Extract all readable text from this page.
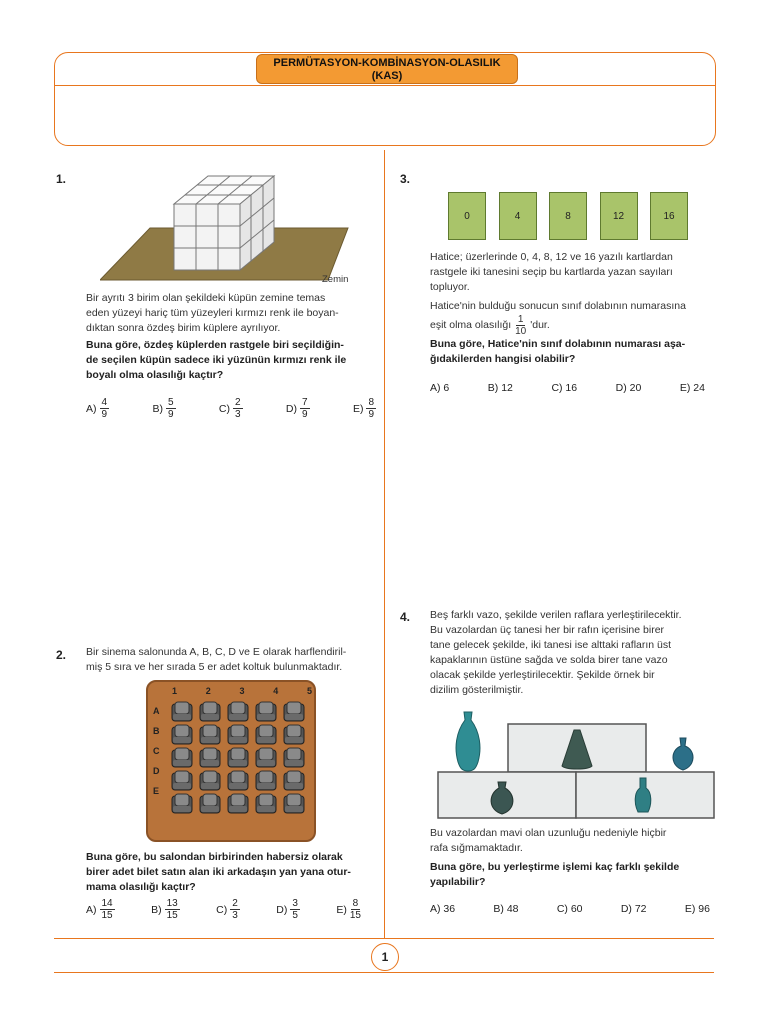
PERMÜTASYON-KOMBİNASYON-OLASILIK
(KAS)
1
1.
Zemin
Bir ayrıtı 3 birim olan şekildeki küpün zemine temas
eden yüzeyi hariç tüm yüzeyleri kırmızı renk ile boyan-
dıktan sonra özdeş birim küplere ayrılıyor.
Buna göre, özdeş küplerden rastgele biri seçildiğin-
de seçilen küpün sadece iki yüzünün kırmızı renk ile
boyalı olma olasılığı kaçtır?
$A) \frac{4}{9}$	$B) \frac{5}{9}$	$C) \frac{2}{3}$	$D) \frac{7}{9}$	$E) \frac{8}{9}$
2. Bir sinema salonunda A, B, C, D ve E olarak harflendiril-
miş 5 sıra ve her sırada 5 er adet koltuk bulunmaktadır.
1	2	3	4	5
A
B
C
D
E
Buna göre, bu salondan birbirinden habersiz olarak
birer adet bilet satın alan iki arkadaşın yan yana otur-
mama olasılığı kaçtır?
$A) \frac{14}{15}$	$B) \frac{13}{15}$	$C) \frac{2}{3}$	$D) \frac{3}{5}$	$E) \frac{8}{15}$
3.
0	4	8	12	16
Hatice; üzerlerinde 0, 4, 8, 12 ve 16 yazılı kartlardan
rastgele iki tanesini seçip bu kartlarda yazan sayıları
topluyor.
Hatice'nin bulduğu sonucun sınıf dolabının numarasına
eşit olma olasılığı $\frac{1}{10}$ 'dur.
Buna göre, Hatice'nin sınıf dolabının numarası aşa-
ğıdakilerden hangisi olabilir?
A) 6	B) 12	C) 16	D) 20	E) 24
4. Beş farklı vazo, şekilde verilen raflara yerleştirilecektir.
Bu vazolardan üç tanesi her bir rafın içerisine birer
tane gelecek şekilde, iki tanesi ise alttaki rafların üst
kapaklarının üstüne sağda ve solda birer tane vazo
olacak şekilde yerleştirilecektir. Şekilde örnek bir
dizilim gösterilmiştir.
Bu vazolardan mavi olan uzunluğu nedeniyle hiçbir
rafa sığmamaktadır.
Buna göre, bu yerleştirme işlemi kaç farklı şekilde
yapılabilir?
A) 36	B) 48	C) 60	D) 72	E) 96
